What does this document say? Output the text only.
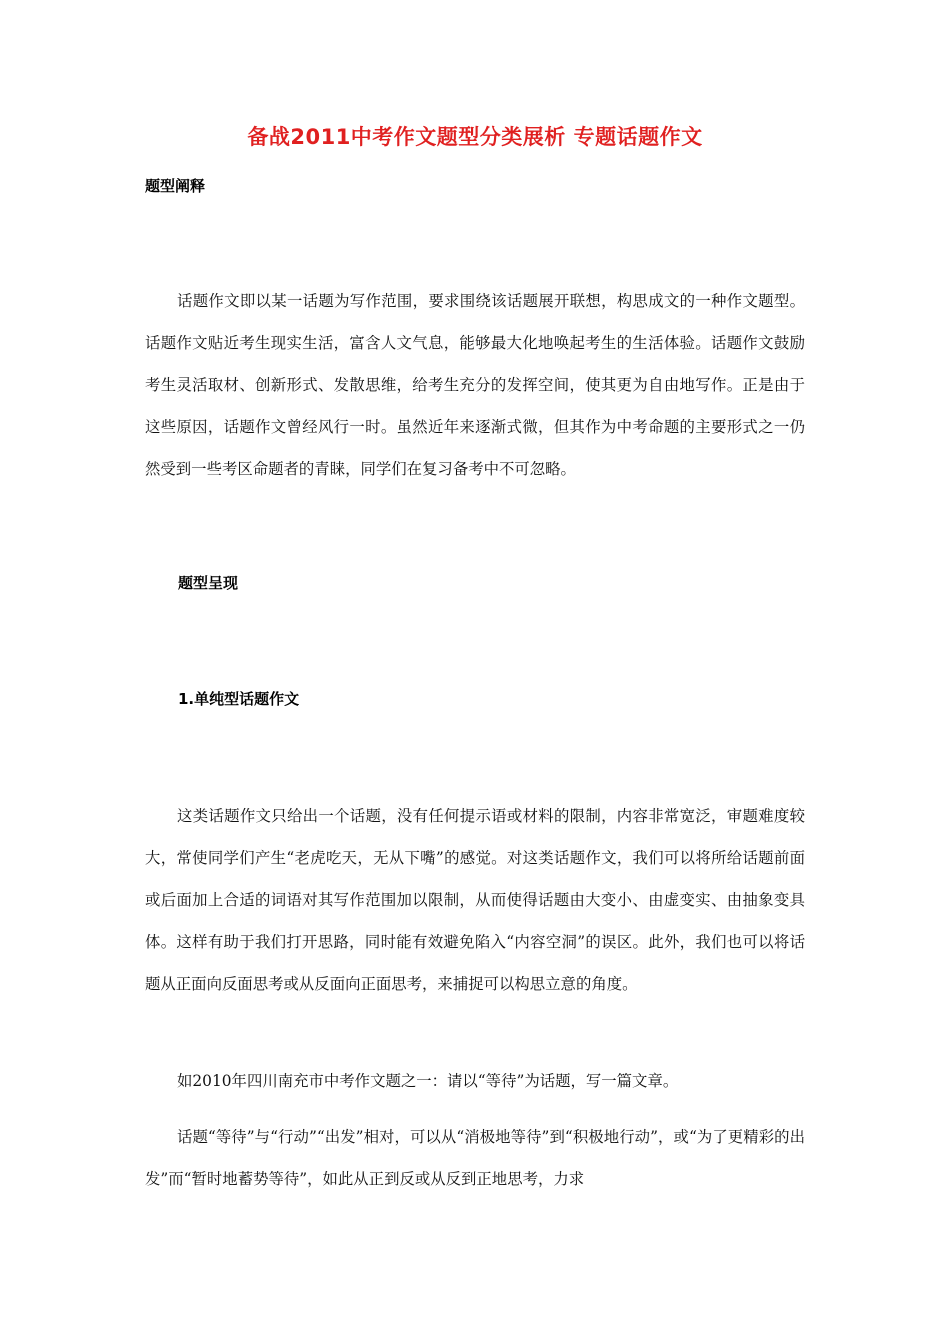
备战2011中考作文题型分类展析 专题话题作文
题型阐释
话题作文即以某一话题为写作范围，要求围绕该话题展开联想，构思成文的一种作文题型。话题作文贴近考生现实生活，富含人文气息，能够最大化地唤起考生的生活体验。话题作文鼓励考生灵活取材、创新形式、发散思维，给考生充分的发挥空间，使其更为自由地写作。正是由于这些原因，话题作文曾经风行一时。虽然近年来逐渐式微，但其作为中考命题的主要形式之一仍然受到一些考区命题者的青睐，同学们在复习备考中不可忽略。
题型呈现
1.单纯型话题作文
这类话题作文只给出一个话题，没有任何提示语或材料的限制，内容非常宽泛，审题难度较大，常使同学们产生“老虎吃天，无从下嘴”的感觉。对这类话题作文，我们可以将所给话题前面或后面加上合适的词语对其写作范围加以限制，从而使得话题由大变小、由虚变实、由抽象变具体。这样有助于我们打开思路，同时能有效避免陷入“内容空洞”的误区。此外，我们也可以将话题从正面向反面思考或从反面向正面思考，来捕捉可以构思立意的角度。
如2010年四川南充市中考作文题之一：请以“等待”为话题，写一篇文章。
话题“等待”与“行动”“出发”相对，可以从“消极地等待”到“积极地行动”，或“为了更精彩的出发”而“暂时地蓄势等待”，如此从正到反或从反到正地思考，力求
